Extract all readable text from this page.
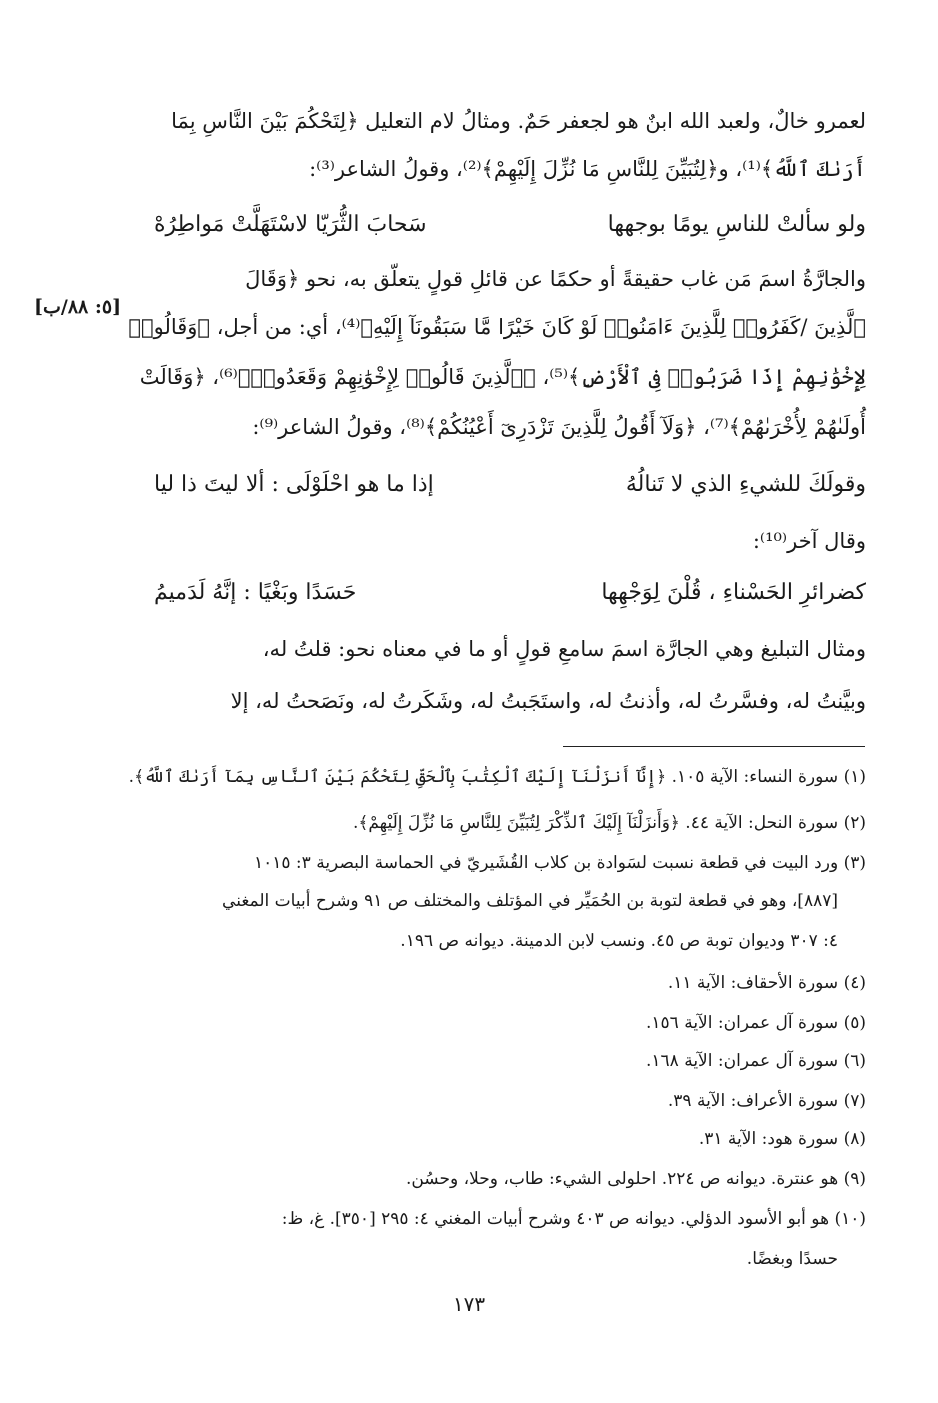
لعمرو خالٌ، ولعبد الله ابنٌ هو لجعفر حَمٌ. ومثالُ لام التعليل ﴿لِتَحْكُمَ بَيْنَ النَّاسِ بِمَا
أَرَىٰكَ ٱللَّهُ﴾⁽¹⁾، و﴿لِتُبَيِّنَ لِلنَّاسِ مَا نُزِّلَ إِلَيْهِمْ﴾⁽²⁾، وقولُ الشاعر⁽³⁾:
ولو سألتْ للناسِ يومًا بوجهها
سَحابَ الثُّرَيّا لاسْتَهَلَّتْ مَواطِرُهْ
والجارَّةُ اسمَ مَن غاب حقيقةً أو حكمًا عن قائلِ قولٍ يتعلّق به، نحو ﴿وَقَالَ
[٥: ٨٨/ب]
ٱلَّذِينَ /كَفَرُوا۟ لِلَّذِينَ ءَامَنُوا۟ لَوْ كَانَ خَيْرًا مَّا سَبَقُونَآ إِلَيْهِ﴾⁽⁴⁾، أي: من أجل، ﴿وَقَالُوا۟
لِإِخْوَٰنِهِمْ إِذَا ضَرَبُوا۟ فِى ٱلْأَرْضِ﴾⁽⁵⁾، ﴿ٱلَّذِينَ قَالُوا۟ لِإِخْوَٰنِهِمْ وَقَعَدُوا۟﴾⁽⁶⁾، ﴿وَقَالَتْ
أُولَىٰهُمْ لِأُخْرَىٰهُمْ﴾⁽⁷⁾، ﴿وَلَآ أَقُولُ لِلَّذِينَ تَزْدَرِىٓ أَعْيُنُكُمْ﴾⁽⁸⁾، وقولُ الشاعر⁽⁹⁾:
وقولَكَ للشيءِ الذي لا تَنالُهُ
إذا ما هو احْلَوْلَى : ألا ليتَ ذا ليا
وقال آخر⁽¹⁰⁾:
كضرائرِ الحَسْناءِ ، قُلْنَ لِوَجْهِها
حَسَدًا وبَغْيًا : إنَّهُ لَدَميمُ
ومثال التبليغ وهي الجارَّة اسمَ سامعِ قولٍ أو ما في معناه نحو: قلتُ له،
وبيَّنتُ له، وفسَّرتُ له، وأذنتُ له، واستَجَبتُ له، وشَكَرتُ له، ونَصَحتُ له، إلا
(١) سورة النساء: الآية ١٠٥. ﴿إِنَّآ أَنزَلْنَآ إِلَيْكَ ٱلْكِتَٰبَ بِٱلْحَقِّ لِتَحْكُمَ بَيْنَ ٱلنَّاسِ بِمَآ أَرَىٰكَ ٱللَّهُ﴾.
(٢) سورة النحل: الآية ٤٤. ﴿وَأَنزَلْنَآ إِلَيْكَ ٱلذِّكْرَ لِتُبَيِّنَ لِلنَّاسِ مَا نُزِّلَ إِلَيْهِمْ﴾.
(٣) ورد البيت في قطعة نسبت لسَوادة بن كلاب القُشَيريّ في الحماسة البصرية ٣: ١٠١٥
[٨٨٧]، وهو في قطعة لتوبة بن الحُمَيِّر في المؤتلف والمختلف ص ٩١ وشرح أبيات المغني
٤: ٣٠٧ وديوان توبة ص ٤٥. ونسب لابن الدمينة. ديوانه ص ١٩٦.
(٤) سورة الأحقاف: الآية ١١.
(٥) سورة آل عمران: الآية ١٥٦.
(٦) سورة آل عمران: الآية ١٦٨.
(٧) سورة الأعراف: الآية ٣٩.
(٨) سورة هود: الآية ٣١.
(٩) هو عنترة. ديوانه ص ٢٢٤. احلولى الشيء: طاب، وحلا، وحسُن.
(١٠) هو أبو الأسود الدؤلي. ديوانه ص ٤٠٣ وشرح أبيات المغني ٤: ٢٩٥ [٣٥٠]. غ، ظ:
حسدًا وبغضًا.
١٧٣
